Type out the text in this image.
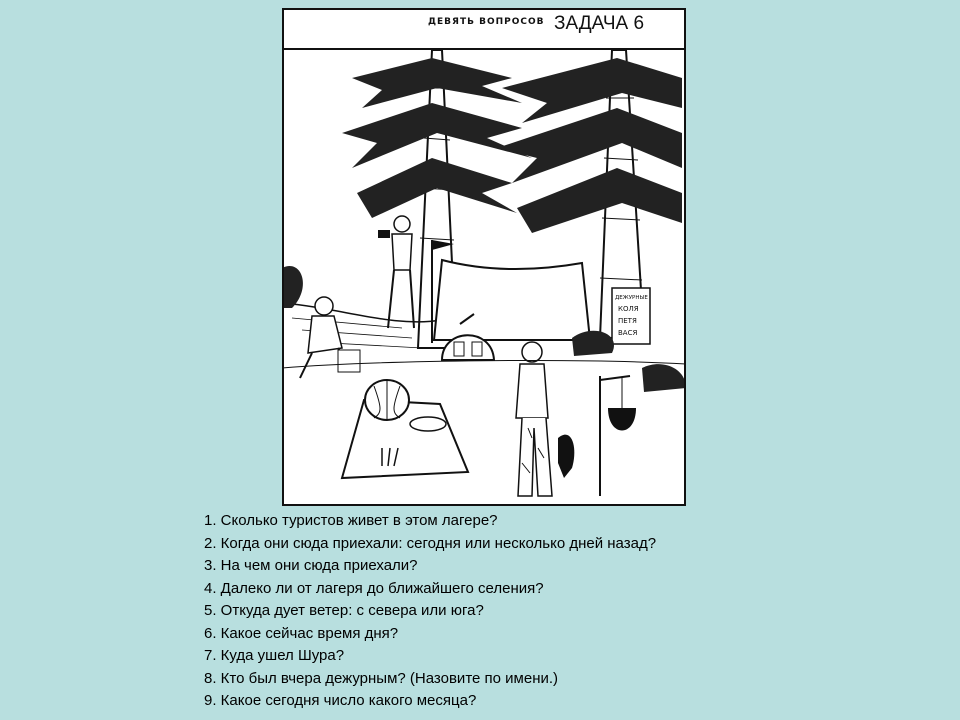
ДЕВЯТЬ ВОПРОСОВ ЗАДАЧА 6
ДЕЖУРНЫЕ
КОЛЯ
ПЕТЯ
ВАСЯ
1. Сколько туристов живет в этом лагере?
2. Когда они сюда приехали: сегодня или несколько дней назад?
3. На чем они сюда приехали?
4. Далеко ли от лагеря до ближайшего селения?
5. Откуда дует ветер: с севера или юга?
6. Какое сейчас время дня?
7. Куда ушел Шура?
8. Кто был вчера дежурным? (Назовите по имени.)
9. Какое сегодня число какого месяца?
